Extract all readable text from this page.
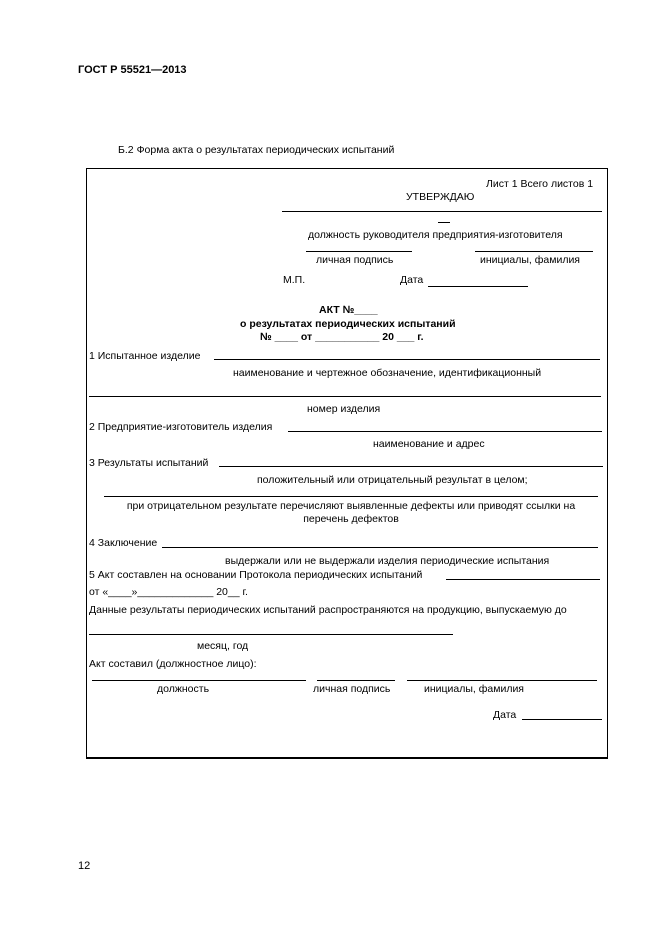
ГОСТ Р 55521—2013
Б.2 Форма акта о результатах периодических испытаний
Лист 1 Всего листов 1
УТВЕРЖДАЮ
должность руководителя предприятия-изготовителя
личная подпись	инициалы, фамилия
М.П.	Дата
АКТ №____
о результатах периодических испытаний
№ ____ от ___________ 20 ___ г.
1 Испытанное изделие
наименование и чертежное обозначение, идентификационный
номер изделия
2 Предприятие-изготовитель изделия
наименование и адрес
3 Результаты испытаний
положительный или отрицательный результат в целом;
при отрицательном результате перечисляют выявленные дефекты или приводят ссылки на перечень дефектов
4 Заключение
выдержали или не выдержали изделия периодические испытания
5 Акт составлен на основании Протокола периодических испытаний
от «____»_____________ 20__ г.
Данные результаты периодических испытаний распространяются на продукцию, выпускаемую до
месяц, год
Акт составил (должностное лицо):
должность	личная подпись	инициалы, фамилия
Дата
12
